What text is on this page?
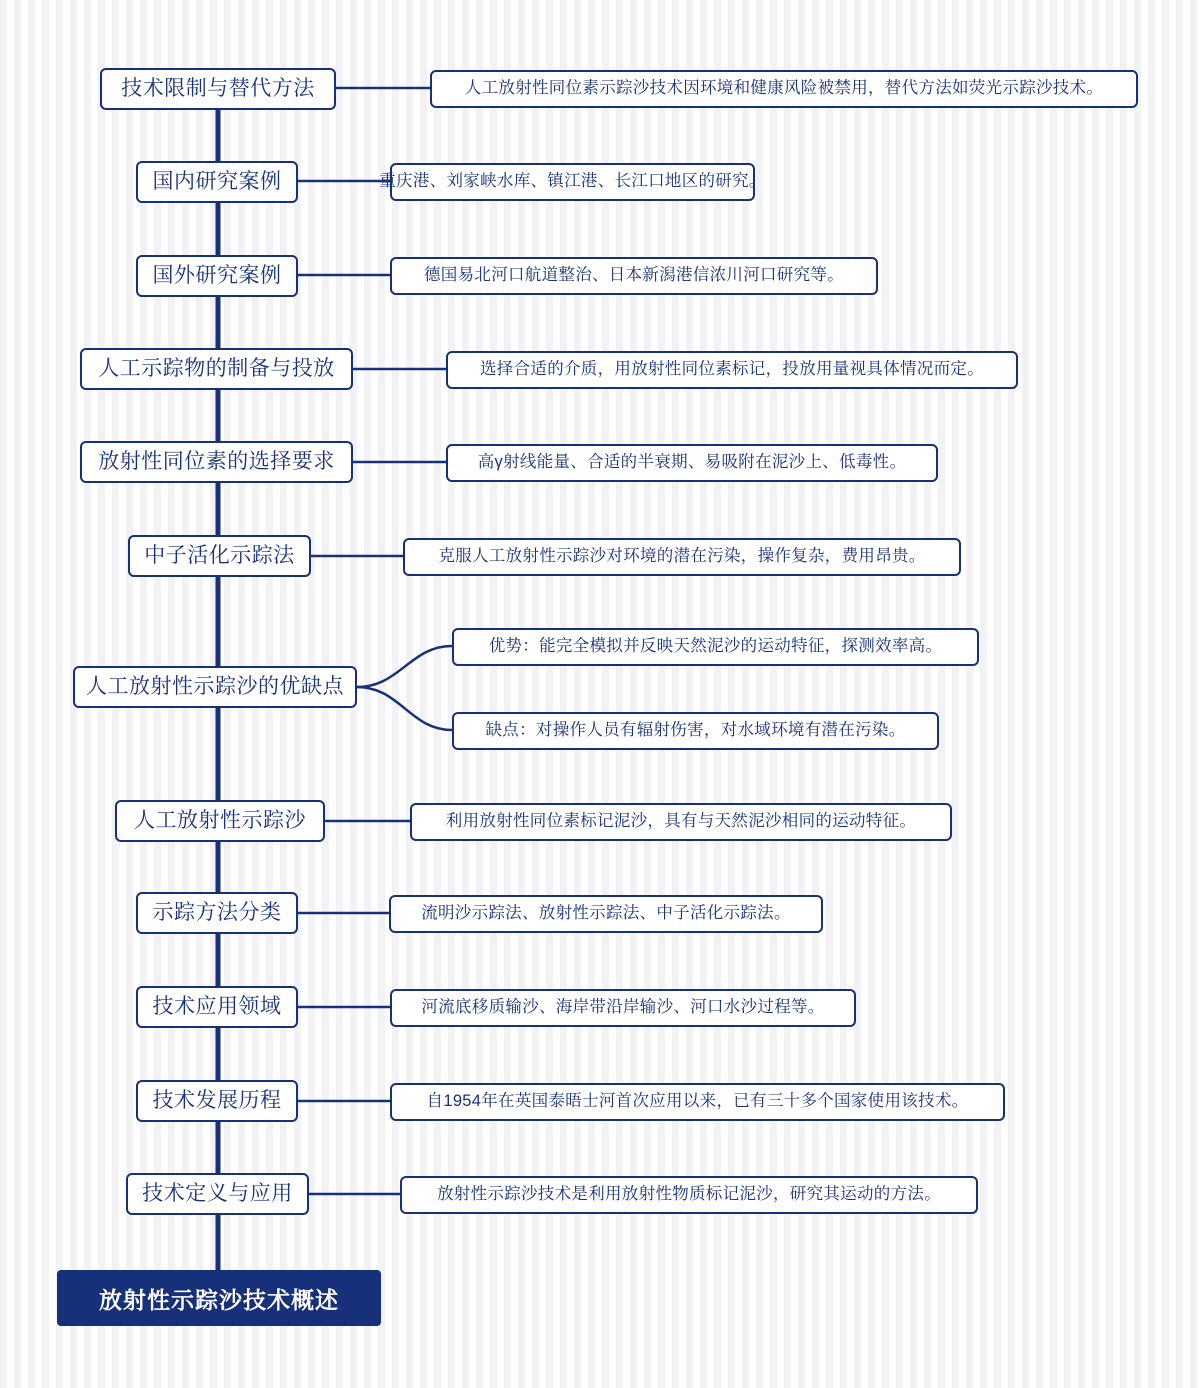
技术限制与替代方法
国内研究案例
国外研究案例
人工示踪物的制备与投放
放射性同位素的选择要求
中子活化示踪法
人工放射性示踪沙的优缺点
人工放射性示踪沙
示踪方法分类
技术应用领域
技术发展历程
技术定义与应用
人工放射性同位素示踪沙技术因环境和健康风险被禁用，替代方法如荧光示踪沙技术。
重庆港、刘家峡水库、镇江港、长江口地区的研究。
德国易北河口航道整治、日本新潟港信浓川河口研究等。
选择合适的介质，用放射性同位素标记，投放用量视具体情况而定。
高γ射线能量、合适的半衰期、易吸附在泥沙上、低毒性。
克服人工放射性示踪沙对环境的潜在污染，操作复杂，费用昂贵。
优势：能完全模拟并反映天然泥沙的运动特征，探测效率高。
缺点：对操作人员有辐射伤害，对水域环境有潜在污染。
利用放射性同位素标记泥沙，具有与天然泥沙相同的运动特征。
流明沙示踪法、放射性示踪法、中子活化示踪法。
河流底移质输沙、海岸带沿岸输沙、河口水沙过程等。
自1954年在英国泰晤士河首次应用以来，已有三十多个国家使用该技术。
放射性示踪沙技术是利用放射性物质标记泥沙，研究其运动的方法。
放射性示踪沙技术概述
